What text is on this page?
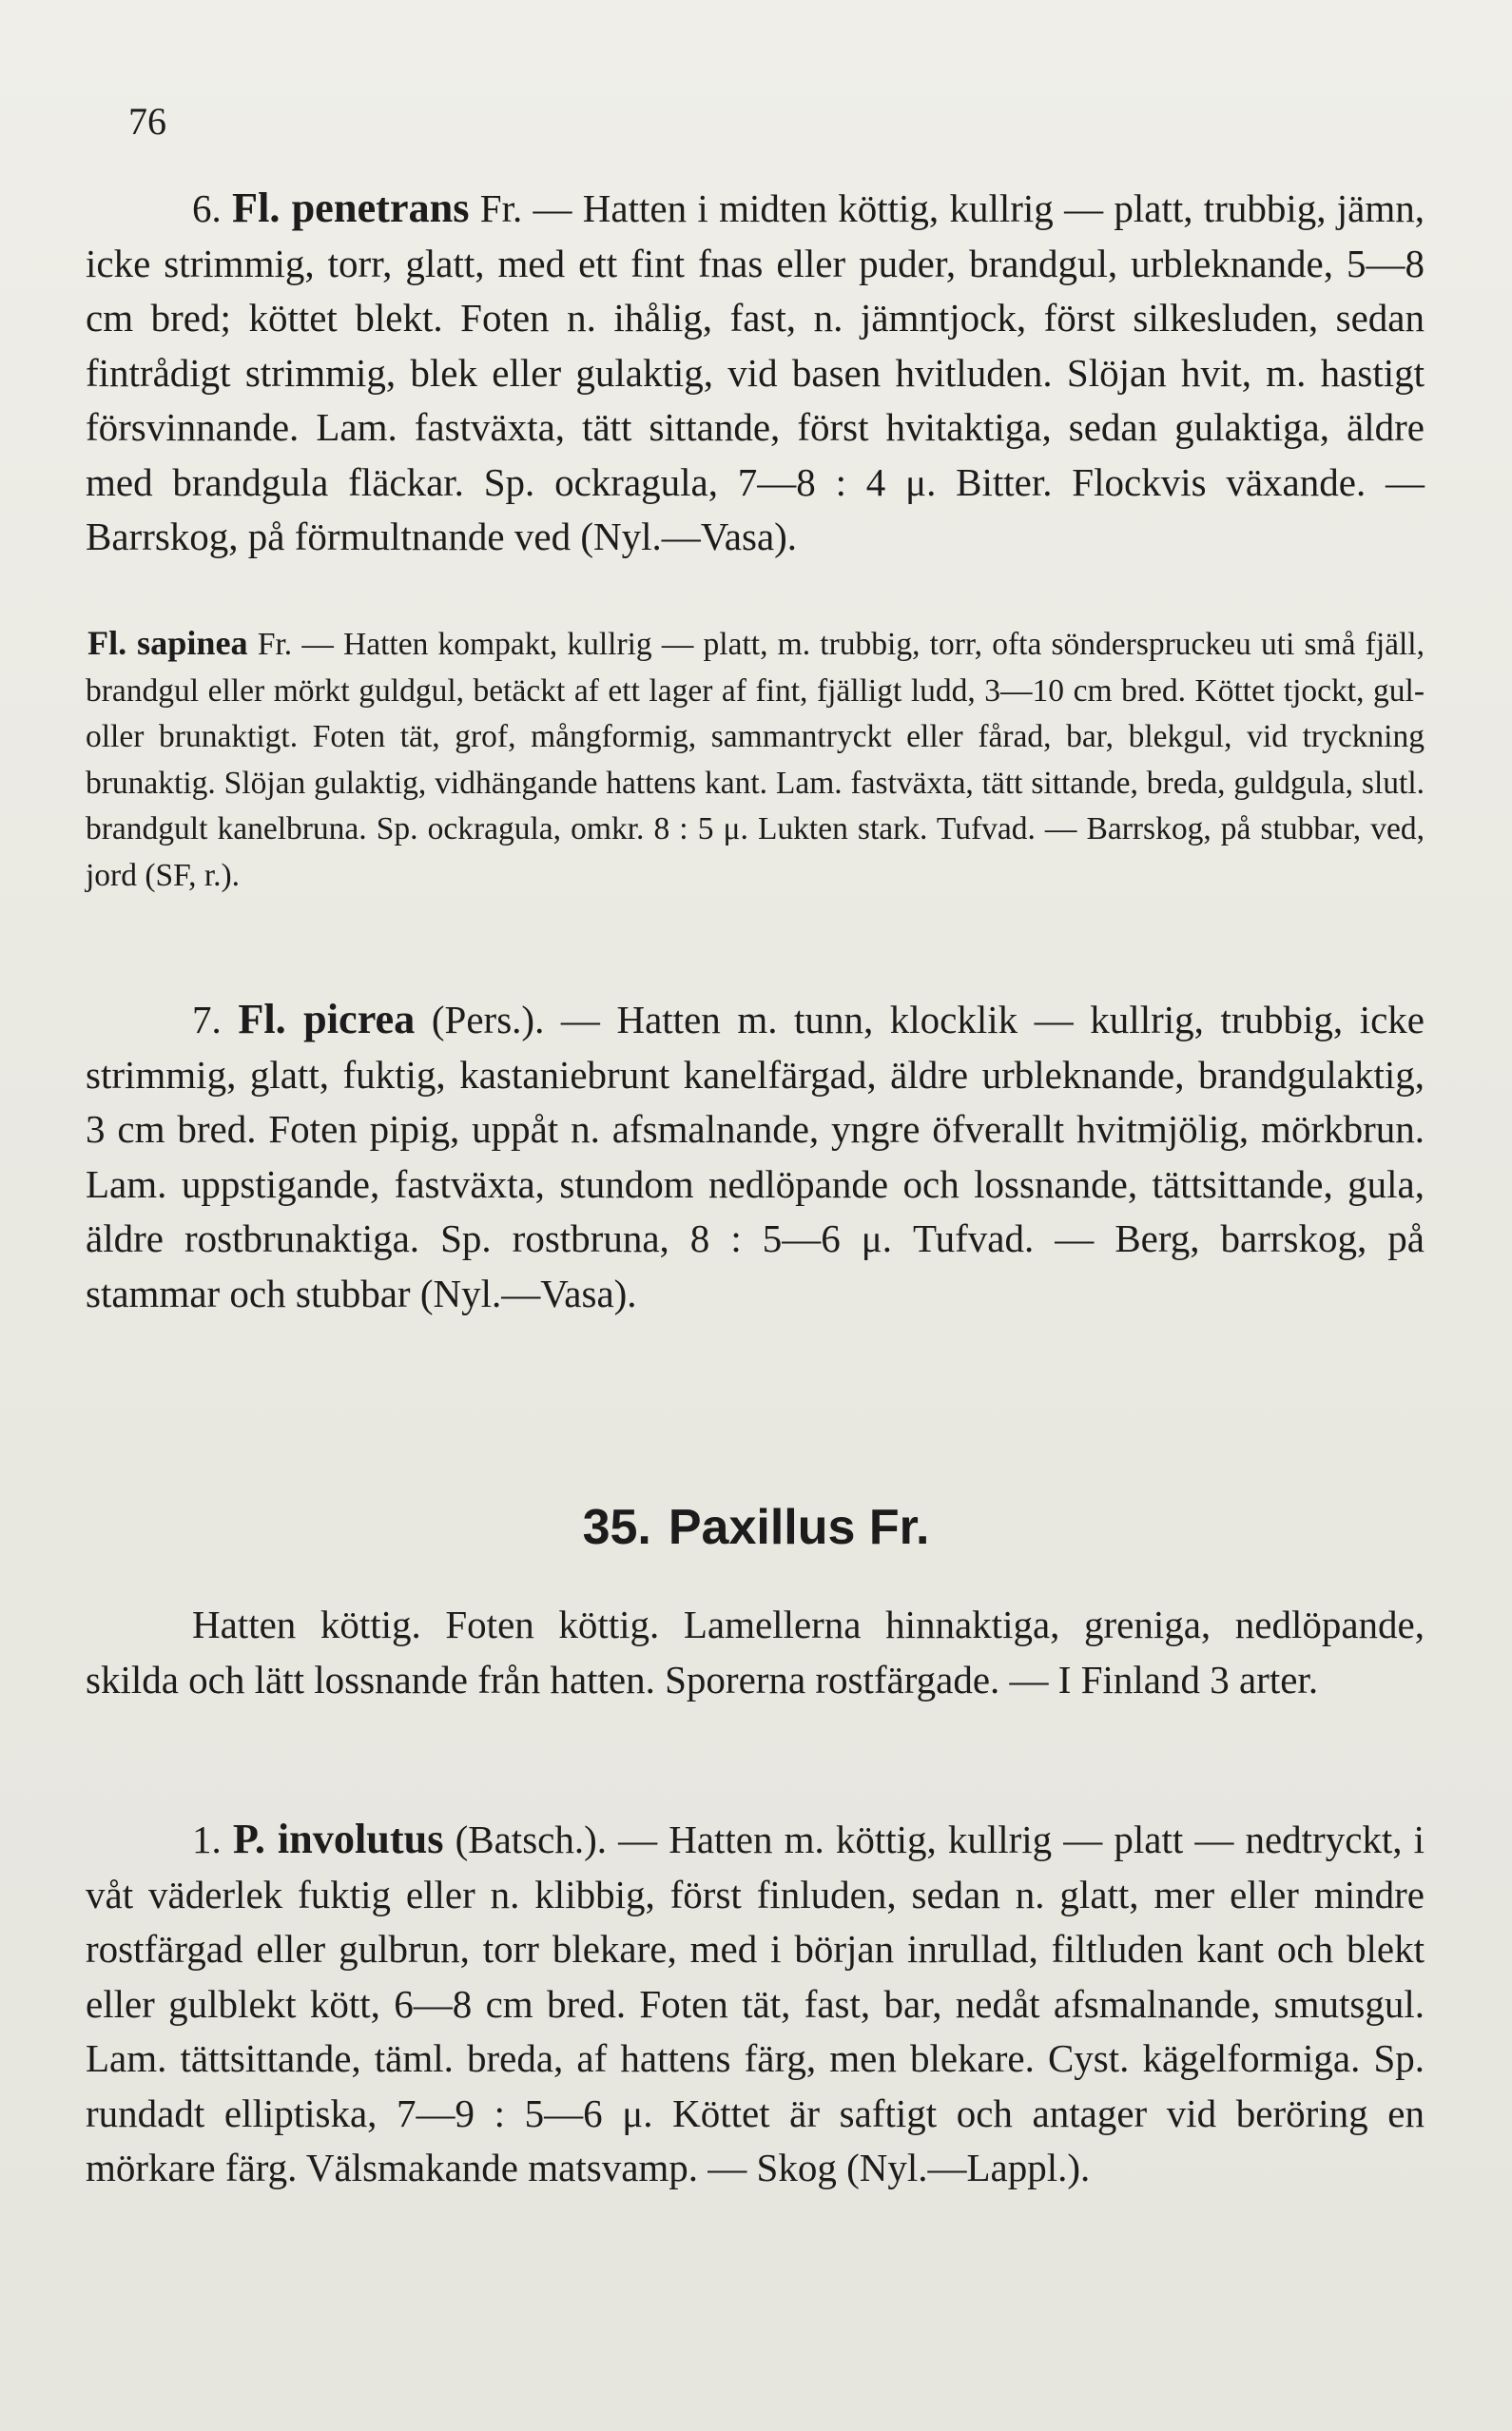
76

6. Fl. penetrans Fr. — Hatten i midten köttig, kullrig — platt, trubbig, jämn, icke strimmig, torr, glatt, med ett fint fnas eller puder, brandgul, urbleknande, 5—8 cm bred; köttet blekt. Foten n. ihålig, fast, n. jämntjock, först silkesluden, sedan fintrådigt strimmig, blek eller gulaktig, vid basen hvitluden. Slöjan hvit, m. hastigt försvinnande. Lam. fastväxta, tätt sittande, först hvitaktiga, sedan gulaktiga, äldre med brandgula fläckar. Sp. ockragula, 7—8 : 4 μ. Bitter. Flockvis växande. — Barrskog, på förmultnande ved (Nyl.—Vasa).

Fl. sapinea Fr. — Hatten kompakt, kullrig — platt, m. trubbig, torr, ofta sönderspruckeu uti små fjäll, brandgul eller mörkt guldgul, betäckt af ett lager af fint, fjälligt ludd, 3—10 cm bred. Köttet tjockt, gul- oller brunaktigt. Foten tät, grof, mångformig, sammantryckt eller fårad, bar, blekgul, vid tryckning brunaktig. Slöjan gulaktig, vidhängande hattens kant. Lam. fastväxta, tätt sittande, breda, guldgula, slutl. brandgult kanelbruna. Sp. ockragula, omkr. 8 : 5 μ. Lukten stark. Tufvad. — Barrskog, på stubbar, ved, jord (SF, r.).

7. Fl. picrea (Pers.). — Hatten m. tunn, klocklik — kullrig, trubbig, icke strimmig, glatt, fuktig, kastaniebrunt kanelfärgad, äldre urbleknande, brandgulaktig, 3 cm bred. Foten pipig, uppåt n. afsmalnande, yngre öfverallt hvitmjölig, mörkbrun. Lam. uppstigande, fastväxta, stundom nedlöpande och lossnande, tättsittande, gula, äldre rostbrunaktiga. Sp. rostbruna, 8 : 5—6 μ. Tufvad. — Berg, barrskog, på stammar och stubbar (Nyl.—Vasa).

35. Paxillus Fr.

Hatten köttig. Foten köttig. Lamellerna hinnaktiga, greniga, nedlöpande, skilda och lätt lossnande från hatten. Sporerna rostfärgade. — I Finland 3 arter.

1. P. involutus (Batsch.). — Hatten m. köttig, kullrig — platt — nedtryckt, i våt väderlek fuktig eller n. klibbig, först finluden, sedan n. glatt, mer eller mindre rostfärgad eller gulbrun, torr blekare, med i början inrullad, filtluden kant och blekt eller gulblekt kött, 6—8 cm bred. Foten tät, fast, bar, nedåt afsmalnande, smutsgul. Lam. tättsittande, täml. breda, af hattens färg, men blekare. Cyst. kägelformiga. Sp. rundadt elliptiska, 7—9 : 5—6 μ. Köttet är saftigt och antager vid beröring en mörkare färg. Välsmakande matsvamp. — Skog (Nyl.—Lappl.).
